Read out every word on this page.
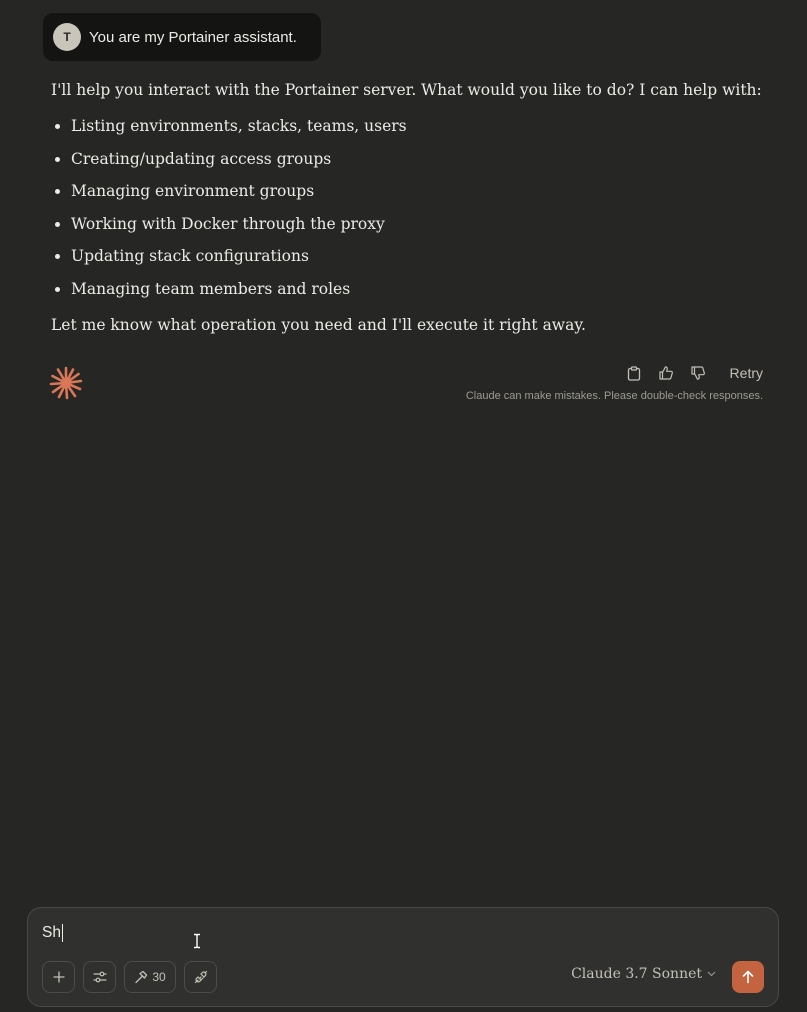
T	You are my Portainer assistant.

I'll help you interact with the Portainer server. What would you like to do? I can help with:

• Listing environments, stacks, teams, users
• Creating/updating access groups
• Managing environment groups
• Working with Docker through the proxy
• Updating stack configurations
• Managing team members and roles

Let me know what operation you need and I'll execute it right away.

Retry
Claude can make mistakes. Please double-check responses.
Sh
30	Claude 3.7 Sonnet
